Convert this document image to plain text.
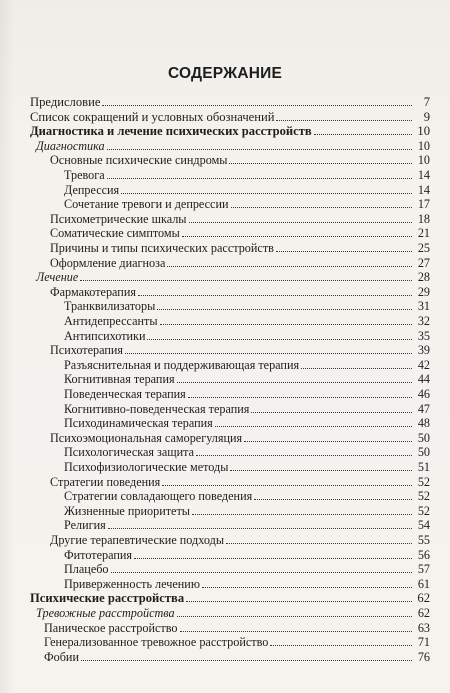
СОДЕРЖАНИЕ
Предисловие	7
Список сокращений и условных обозначений	9
Диагностика и лечение психических расстройств	10
Диагностика	10
Основные психические синдромы	10
Тревога	14
Депрессия	14
Сочетание тревоги и депрессии	17
Психометрические шкалы	18
Соматические симптомы	21
Причины и типы психических расстройств	25
Оформление диагноза	27
Лечение	28
Фармакотерапия	29
Транквилизаторы	31
Антидепрессанты	32
Антипсихотики	35
Психотерапия	39
Разъяснительная и поддерживающая терапия	42
Когнитивная терапия	44
Поведенческая терапия	46
Когнитивно-поведенческая терапия	47
Психодинамическая терапия	48
Психоэмоциональная саморегуляция	50
Психологическая защита	50
Психофизиологические методы	51
Стратегии поведения	52
Стратегии совладающего поведения	52
Жизненные приоритеты	52
Религия	54
Другие терапевтические подходы	55
Фитотерапия	56
Плацебо	57
Приверженность лечению	61
Психические расстройства	62
Тревожные расстройства	62
Паническое расстройство	63
Генерализованное тревожное расстройство	71
Фобии	76
